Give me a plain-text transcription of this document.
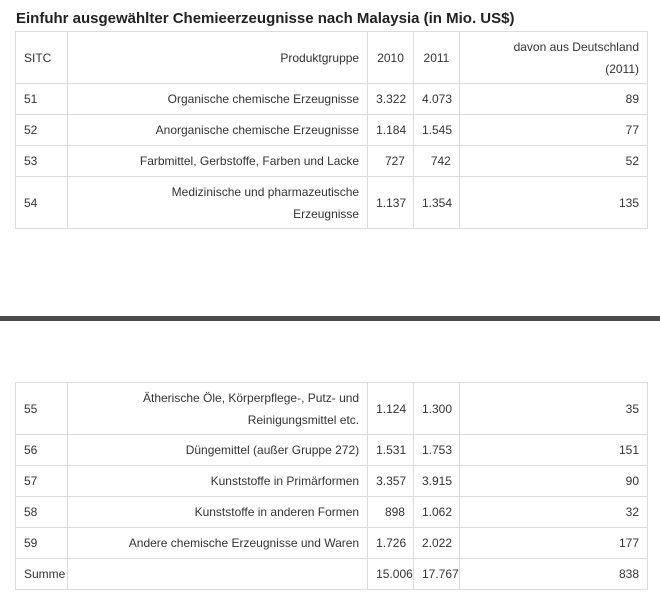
Einfuhr ausgewählter Chemieerzeugnisse nach Malaysia (in Mio. US$)
SITC	Produktgruppe	2010	2011	davon aus Deutschland
(2011)

51	Organische chemische Erzeugnisse	3.322	4.073	89
52	Anorganische chemische Erzeugnisse	1.184	1.545	77
53	Farbmittel, Gerbstoffe, Farben und Lacke	727	742	52
54	Medizinische und pharmazeutische
Erzeugnisse	1.137	1.354	135
55	Ätherische Öle, Körperpflege-, Putz- und
Reinigungsmittel etc.	1.124	1.300	35
56	Düngemittel (außer Gruppe 272)	1.531	1.753	151
57	Kunststoffe in Primärformen	3.357	3.915	90
58	Kunststoffe in anderen Formen	898	1.062	32
59	Andere chemische Erzeugnisse und Waren	1.726	2.022	177
Summe		15.006	17.767	838
